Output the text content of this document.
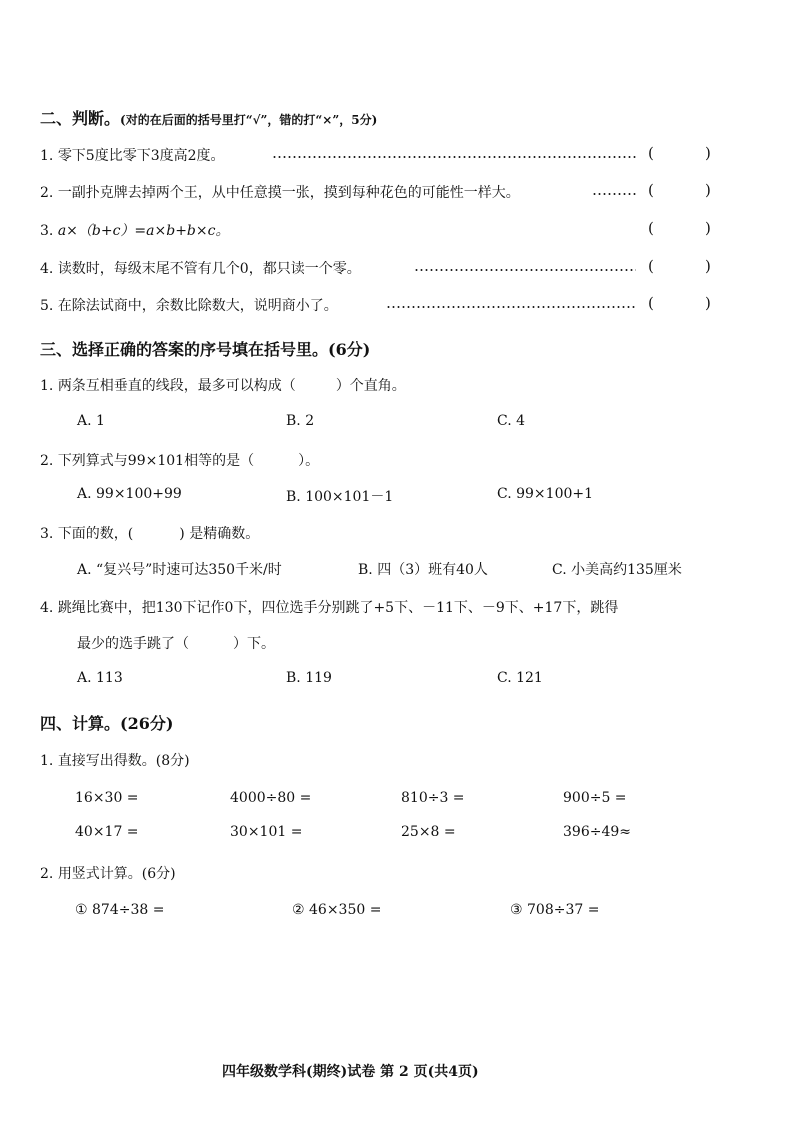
二、判断。(对的在后面的括号里打“√”，错的打“×”，5分)
1. 零下5度比零下3度高2度。	(	)
2. 一副扑克牌去掉两个王，从中任意摸一张，摸到每种花色的可能性一样大。	(	)
3. a×（b+c）=a×b+b×c。	(	)
4. 读数时，每级末尾不管有几个0，都只读一个零。	(	)
5. 在除法试商中，余数比除数大，说明商小了。	(	)
三、选择正确的答案的序号填在括号里。(6分)
1. 两条互相垂直的线段，最多可以构成（	）个直角。
A. 1	B. 2	C. 4
2. 下列算式与99×101相等的是（	）。
A. 99×100+99	B. 100×101－1	C. 99×100+1
3. 下面的数，(	) 是精确数。
A. “复兴号”时速可达350千米/时	B. 四（3）班有40人	C. 小美高约135厘米
4. 跳绳比赛中，把130下记作0下，四位选手分别跳了+5下、－11下、－9下、+17下，跳得
最少的选手跳了（	）下。
A. 113	B. 119	C. 121
四、计算。(26分)
1. 直接写出得数。(8分)
16×30 =	4000÷80 =	810÷3 =	900÷5 =
40×17 =	30×101 =	25×8 =	396÷49≈
2. 用竖式计算。(6分)
① 874÷38 =	② 46×350 =	③ 708÷37 =
四年级数学科(期终)试卷 第 2 页(共4页)
